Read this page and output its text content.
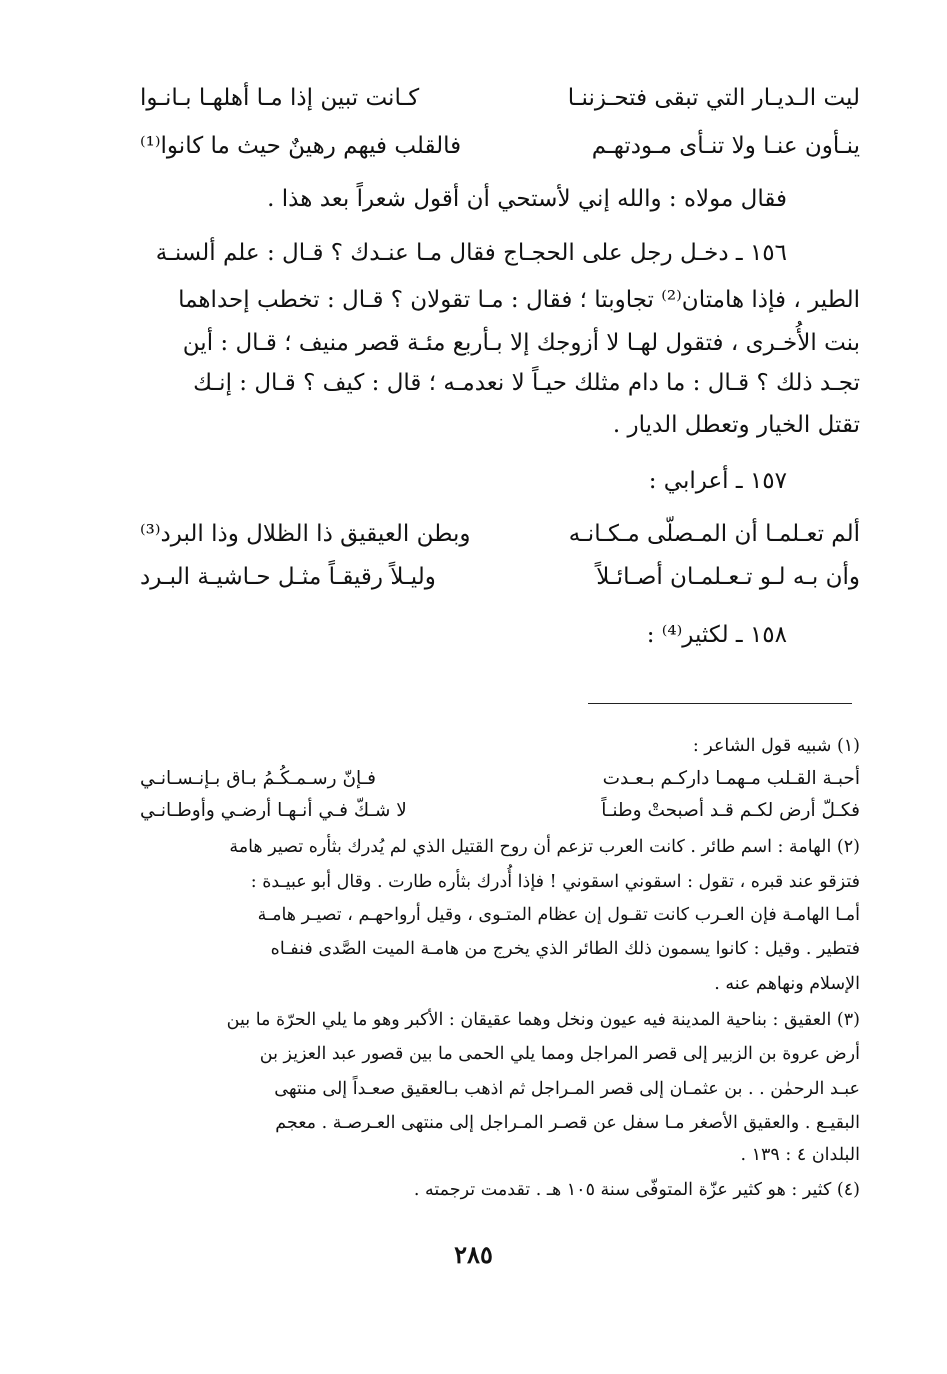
ليت الـديـار التي تبقى فتحـزننـا
كـانت تبين إذا مـا أهلهـا بـانـوا
ينـأون عنـا ولا تنـأى مـودتهـم
فالقلب فيهم رهينٌ حيث ما كانوا⁽¹⁾
فقال مولاه : والله إني لأستحي أن أقول شعراً بعد هذا .
١٥٦ ـ دخـل رجل على الحجـاج فقال مـا عنـدك ؟ قـال : علم ألسنـة
الطير ، فإذا هامتان⁽²⁾ تجاوبتا ؛ فقال : مـا تقولان ؟ قـال : تخطب إحداهما
بنت الأُخـرى ، فتقول لهـا لا أزوجك إلا بـأربع مئـة قصر منيف ؛ قـال : أين
تجـد ذلك ؟ قـال : ما دام مثلك حيـاً لا نعدمـه ؛ قال : كيف ؟ قـال : إنـك
تقتل الخيار وتعطل الديار .
١٥٧ ـ أعرابي :
ألم تعـلمـا أن المـصلّى مـكـانـه
وبطن العيقيق ذا الظلال وذا البرد⁽³⁾
وأن بـه لـو تـعـلمـان أصـائـلاً
وليـلاً رقيقـاً مثـل حـاشيـة البـرد
١٥٨ ـ لكثير⁽⁴⁾ :
(١) شبيه قول الشاعر :
أحبـة القـلب مـهمـا داركـم بـعـدت
فـإنّ رسـمـكُـمُ بـاق بـإنـسـانـي
فكـلّ أرض لكـم قـد أصبحتْ وطنـاً
لا شـكّ فـي أنـهـا أرضـي وأوطـانـي
(٢) الهامة : اسم طائر . كانت العرب تزعم أن روح القتيل الذي لم يُدرك بثأره تصير هامة
فتزقو عند قبره ، تقول : اسقوني اسقوني ! فإذا أُدرك بثأره طارت . وقال أبو عبيـدة :
أمـا الهامـة فإن العـرب كانت تقـول إن عظام المتـوى ، وقيل أرواحهـم ، تصيـر هامـة
فتطير . وقيل : كانوا يسمون ذلك الطائر الذي يخرج من هامـة الميت الصَّدى فنفـاه
الإسلام ونهاهم عنه .
(٣) العقيق : بناحية المدينة فيه عيون ونخل وهما عقيقان : الأكبر وهو ما يلي الحرّة ما بين
أرض عروة بن الزبير إلى قصر المراجل ومما يلي الحمى ما بين قصور عبد العزيز بن
عبـد الرحمٰن . . بن عثمـان إلى قصر المـراجل ثم اذهب بـالعقيق صعـداً إلى منتهى
البقيـع . والعقيق الأصغر مـا سفل عن قصـر المـراجل إلى منتهى العـرصـة . معجم
البلدان ٤ : ١٣٩ .
(٤) كثير : هو كثير عزّة المتوفّى سنة ١٠٥ هـ . تقدمت ترجمته .
٢٨٥
